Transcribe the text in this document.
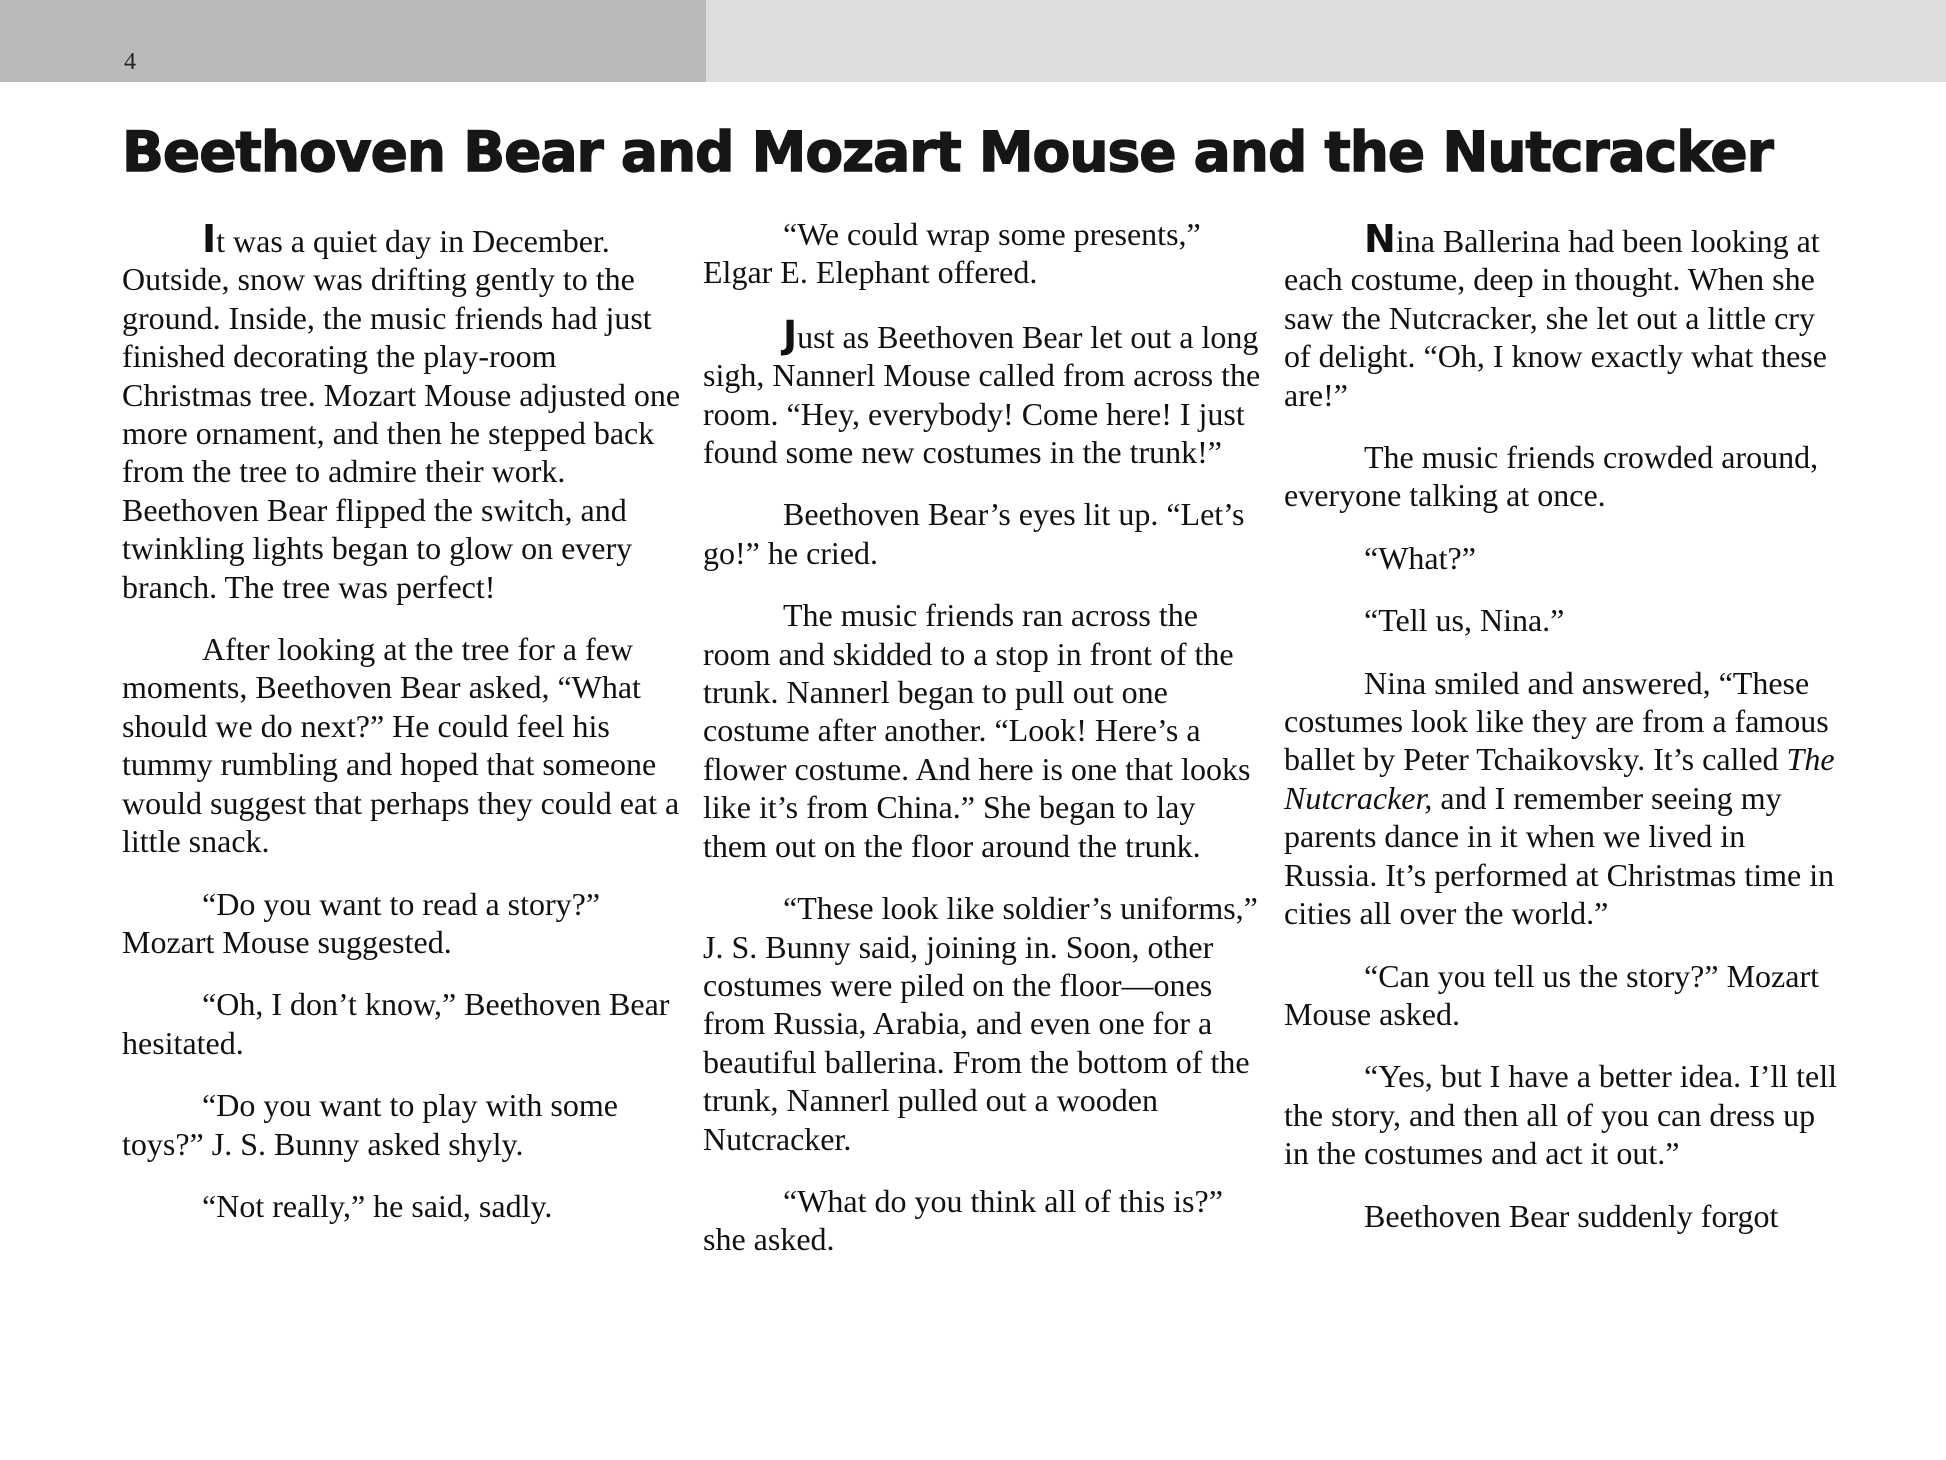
4
Beethoven Bear and Mozart Mouse and the Nutcracker

It was a quiet day in December. Outside, snow was drifting gently to the ground. Inside, the music friends had just finished decorating the play-room Christmas tree. Mozart Mouse adjusted one more ornament, and then he stepped back from the tree to admire their work. Beethoven Bear flipped the switch, and twinkling lights began to glow on every branch. The tree was perfect!

After looking at the tree for a few moments, Beethoven Bear asked, “What should we do next?” He could feel his tummy rumbling and hoped that someone would suggest that perhaps they could eat a little snack.

“Do you want to read a story?” Mozart Mouse suggested.

“Oh, I don’t know,” Beethoven Bear hesitated.

“Do you want to play with some toys?” J. S. Bunny asked shyly.

“Not really,” he said, sadly.

“We could wrap some presents,” Elgar E. Elephant offered.

Just as Beethoven Bear let out a long sigh, Nannerl Mouse called from across the room. “Hey, everybody! Come here! I just found some new costumes in the trunk!”

Beethoven Bear’s eyes lit up. “Let’s go!” he cried.

The music friends ran across the room and skidded to a stop in front of the trunk. Nannerl began to pull out one costume after another. “Look! Here’s a flower costume. And here is one that looks like it’s from China.” She began to lay them out on the floor around the trunk.

“These look like soldier’s uniforms,” J. S. Bunny said, joining in. Soon, other costumes were piled on the floor—ones from Russia, Arabia, and even one for a beautiful ballerina. From the bottom of the trunk, Nannerl pulled out a wooden Nutcracker.

“What do you think all of this is?” she asked.

Nina Ballerina had been looking at each costume, deep in thought. When she saw the Nutcracker, she let out a little cry of delight. “Oh, I know exactly what these are!”

The music friends crowded around, everyone talking at once.

“What?”

“Tell us, Nina.”

Nina smiled and answered, “These costumes look like they are from a famous ballet by Peter Tchaikovsky. It’s called The Nutcracker, and I remember seeing my parents dance in it when we lived in Russia. It’s performed at Christmas time in cities all over the world.”

“Can you tell us the story?” Mozart Mouse asked.

“Yes, but I have a better idea. I’ll tell the story, and then all of you can dress up in the costumes and act it out.”

Beethoven Bear suddenly forgot
